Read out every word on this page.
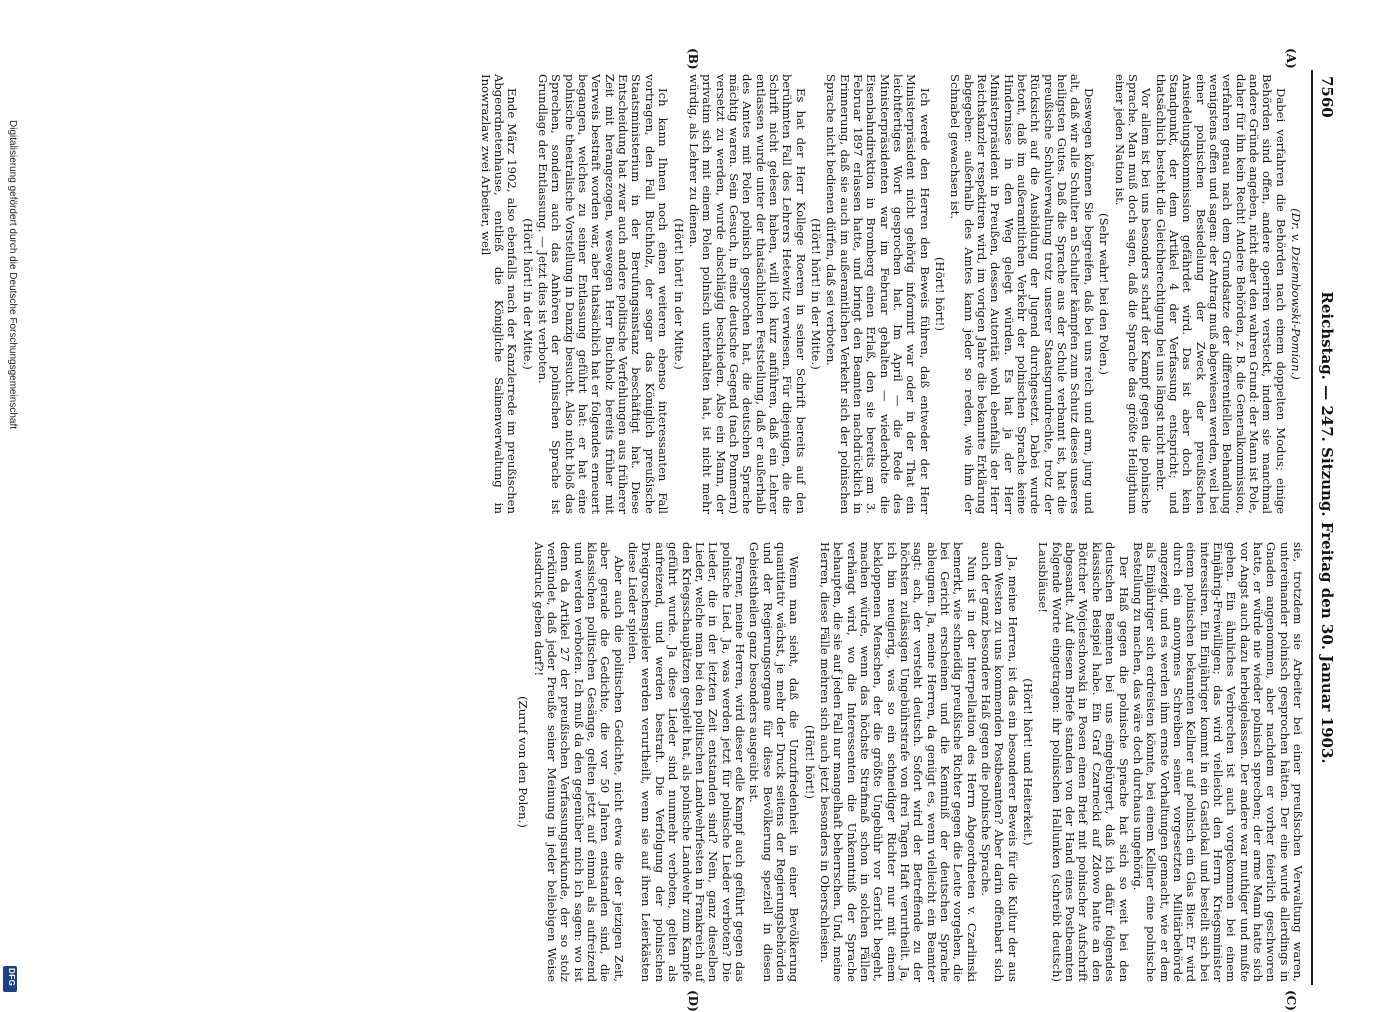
Digitalisierung gefördert durch die Deutsche Forschungsgemeinschaft
DFG
7560
Reichstag. — 247. Sitzung. Freitag den 30. Januar 1903.
(A)
(B)
(C)
(D)

(Dr. v. Dziembowski-Pomian.)

Dabei verfahren die Behörden nach einem doppelten Modus; einige Behörden sind offen, andere operiren versteckt, indem sie manchmal andere Gründe angeben, nicht aber den wahren Grund: der Mann ist Pole, daher für ihn kein Recht! Andere Behörden, z. B. die Generalkommission, verfahren genau nach dem Grundsatze der differentiellen Behandlung wenigstens offen und sagen: der Antrag muß abgewiesen werden, weil bei einer polnischen Besiedelung der Zweck der preußischen Ansiedelungskommission gefährdet wird. Das ist aber doch kein Standpunkt, der dem Artikel 4 der Verfassung entspricht; und thatsächlich besteht die Gleichberechtigung bei uns längst nicht mehr.

Vor allem ist bei uns besonders scharf der Kampf gegen die polnische Sprache. Man muß doch sagen, daß die Sprache das größte Heiligthum einer jeden Nation ist.

(Sehr wahr! bei den Polen.)

Deswegen können Sie begreifen, daß bei uns reich und arm, jung und alt, daß wir alle Schulter an Schulter kämpfen zum Schutz dieses unseres heiligsten Gutes. Daß die Sprache aus der Schule verbannt ist, hat die preußische Schulverwaltung trotz unserer Staatsgrundrechte, trotz der Rücksicht auf die Ausbildung der Jugend durchgesetzt. Dabei wurde betont, daß im außeramtlichen Verkehr der polnischen Sprache keine Hindernisse in den Weg gelegt würden. Es hat ja der Herr Ministerpräsident in Preußen, dessen Autorität wohl ebenfalls der Herr Reichskanzler respektiren wird, im vorigen Jahre die bekannte Erklärung abgegeben: außerhalb des Amtes kann jeder so reden, wie ihm der Schnabel gewachsen ist.

(Hört! hört!)

Ich werde den Herren den Beweis führen, daß entweder der Herr Ministerpräsident nicht gehörig informirt war oder in der That ein leichtfertiges Wort gesprochen hat. Im April — die Rede des Ministerpräsidenten war im Februar gehalten — wiederholte die Eisenbahndirektion in Bromberg einen Erlaß, den sie bereits am 3. Februar 1897 erlassen hatte, und bringt den Beamten nachdrücklich in Erinnerung, daß sie auch im außeramtlichen Verkehr sich der polnischen Sprache nicht bedienen dürfen, daß sei verboten.

(Hört! hört! in der Mitte.)

Es hat der Herr Kollege Roeren in seiner Schrift bereits auf den berühmten Fall des Lehrers Hetewitz verwiesen. Für diejenigen, die die Schrift nicht gelesen haben, will ich kurz anführen, daß ein Lehrer entlassen wurde unter der thatsächlichen Feststellung, daß er außerhalb des Amtes mit Polen polnisch gesprochen hat, die deutschen Sprache mächtig waren. Sein Gesuch, in eine deutsche Gegend (nach Pommern) versetzt zu werden, wurde abschlägig beschieden. Also ein Mann, der privatim sich mit einem Polen polnisch unterhalten hat, ist nicht mehr würdig, als Lehrer zu dienen.

(Hört! hört! in der Mitte.)

Ich kann Ihnen noch einen weiteren ebenso interessanten Fall vortragen, den Fall Buchholz, der sogar das Königlich preußische Staatsministerium in der Berufungsinstanz beschäftigt hat. Diese Entscheidung hat zwar auch andere politische Verfehlungen aus früherer Zeit mit herangezogen, weswegen Herr Buchholz bereits früher mit Verweis bestraft worden war, aber thatsächlich hat er folgendes erneuert begangen, welches zu seiner Entlassung geführt hat: er hat eine polnische theatralische Vorstellung in Danzig besucht. Also nicht bloß das Sprechen, sondern auch das Anhören der polnischen Sprache ist Grundlage der Entlassung. — Jetzt dies ist verboten.

(Hört! hört! in der Mitte.)

Ende März 1902, also ebenfalls nach der Kanzlerrede im preußischen Abgeordnetenhause, entließ die Königliche Salinenverwaltung in Inowrazlaw zwei Arbeiter, weil

sie, trotzdem sie Arbeiter bei einer preußischen Verwaltung waren, untereinander polnisch gesprochen hätten. Der eine wurde allerdings in Gnaden angenommen, aber nachdem er vorher feierlich geschworen hatte, er würde nie wieder polnisch sprechen; der arme Mann hatte sich vor Angst auch dazu herbeigelassen. Der andere war muthiger und mußte gehen. Ein ähnliches Verbrechen ist auch vorgekommen bei einem Einjährig-Freiwilligen; das wird vielleicht den Herrn Kriegsminister interessiren. Ein Einjähriger kommt in ein Gastlokal und bestellt sich bei einem polnischen bekannten Kellner auf polnisch ein Glas Bier. Er wird durch ein anonymes Schreiben seiner vorgesetzten Militärbehörde angezeigt, und es werden ihm ernste Vorhaltungen gemacht, wie er dem als Einjähriger sich erdreisten könnte, bei einem Kellner eine polnische Bestellung zu machen, das wäre doch durchaus ungehörig.

Der Haß gegen die polnische Sprache hat sich so weit bei den deutschen Beamten bei uns eingebürgert, daß ich dafür folgendes klassische Beispiel habe. Ein Graf Czarnecki auf Zdowo hatte an den Böttcher Wojcieschowski in Posen einen Brief mit polnischer Aufschrift abgesandt. Auf diesem Briefe standen von der Hand eines Postbeamten folgende Worte eingetragen: ihr polnischen Hallunken (schreibt deutsch) Lausbläuse!

(Hört! hört! und Heiterkeit.)

Ja, meine Herren, ist das ein besonderer Beweis für die Kultur der aus dem Westen zu uns kommenden Postbeamten? Aber darin offenbart sich auch der ganz besondere Haß gegen die polnische Sprache.

Nun ist in der Interpellation des Herrn Abgeordneten v. Czarlinski bemerkt, wie schneidig preußische Richter gegen die Leute vorgehen, die bei Gericht erscheinen und die Kenntniß der deutschen Sprache ableugnen. Ja, meine Herren, da genügt es, wenn vielleicht ein Beamter sagt: ach, der versteht deutsch. Sofort wird der Betreffende zu der höchsten zulässigen Ungebührstrafe von drei Tagen Haft verurtheilt. Ja, ich bin neugierig, was so ein schneidiger Richter nur mit einem bekloppenen Menschen, der die größte Ungebühr vor Gericht begeht, machen würde, wenn das höchste Strafmaß schon in solchen Fällen verhängt wird, wo die Interessenten die Unkenntniß der Sprache behaupten, die sie auf jeden Fall nur mangelhaft beherrschen. Und, meine Herren, diese Fälle mehren sich auch jetzt besonders in Oberschlesien.

(Hört! hört!)

Wenn man sieht, daß die Unzufriedenheit in einer Bevölkerung quantitativ wächst, je mehr der Druck seitens der Regierungsbehörden und der Regierungsorgane für diese Bevölkerung speziell in diesen Gebietstheilen ganz besonders ausgeübt ist.

Ferner, meine Herren, wird dieser edle Kampf auch geführt gegen das polnische Lied. Ja, was werden jetzt für polnische Lieder verboten? Die Lieder, die in der letzten Zeit entstanden sind? Nein, ganz dieselben Lieder, welche man bei den politischen Landwehrfesten in Frankreich auf den Kriegsschauplätzen gespielt hat, als polnische Landwehr zum Kampfe geführt wurde. Ja diese Lieder sind nunmehr verboten, gelten als aufreizend, und werden bestraft. Die Verfolgung der polnischen Dreigroschenspieler werden verurtheilt, wenn sie auf ihren Leierkästen diese Lieder spielen.

Aber auch die politischen Gedichte, nicht etwa die der jetzigen Zeit, aber gerade die Gedichte, die vor 50 Jahren entstanden sind, die klassischen politischen Gesänge, gelten jetzt auf einmal als aufreizend und werden verboten. Ich muß da den gegenüber mich ich sagen: wo ist denn da Artikel 27 der preußischen Verfassungsurkunde, der so stolz verkündet, daß jeder Preuße seiner Meinung in jeder beliebigen Weise Ausdruck geben darf?!

(Zuruf von den Polen.)
